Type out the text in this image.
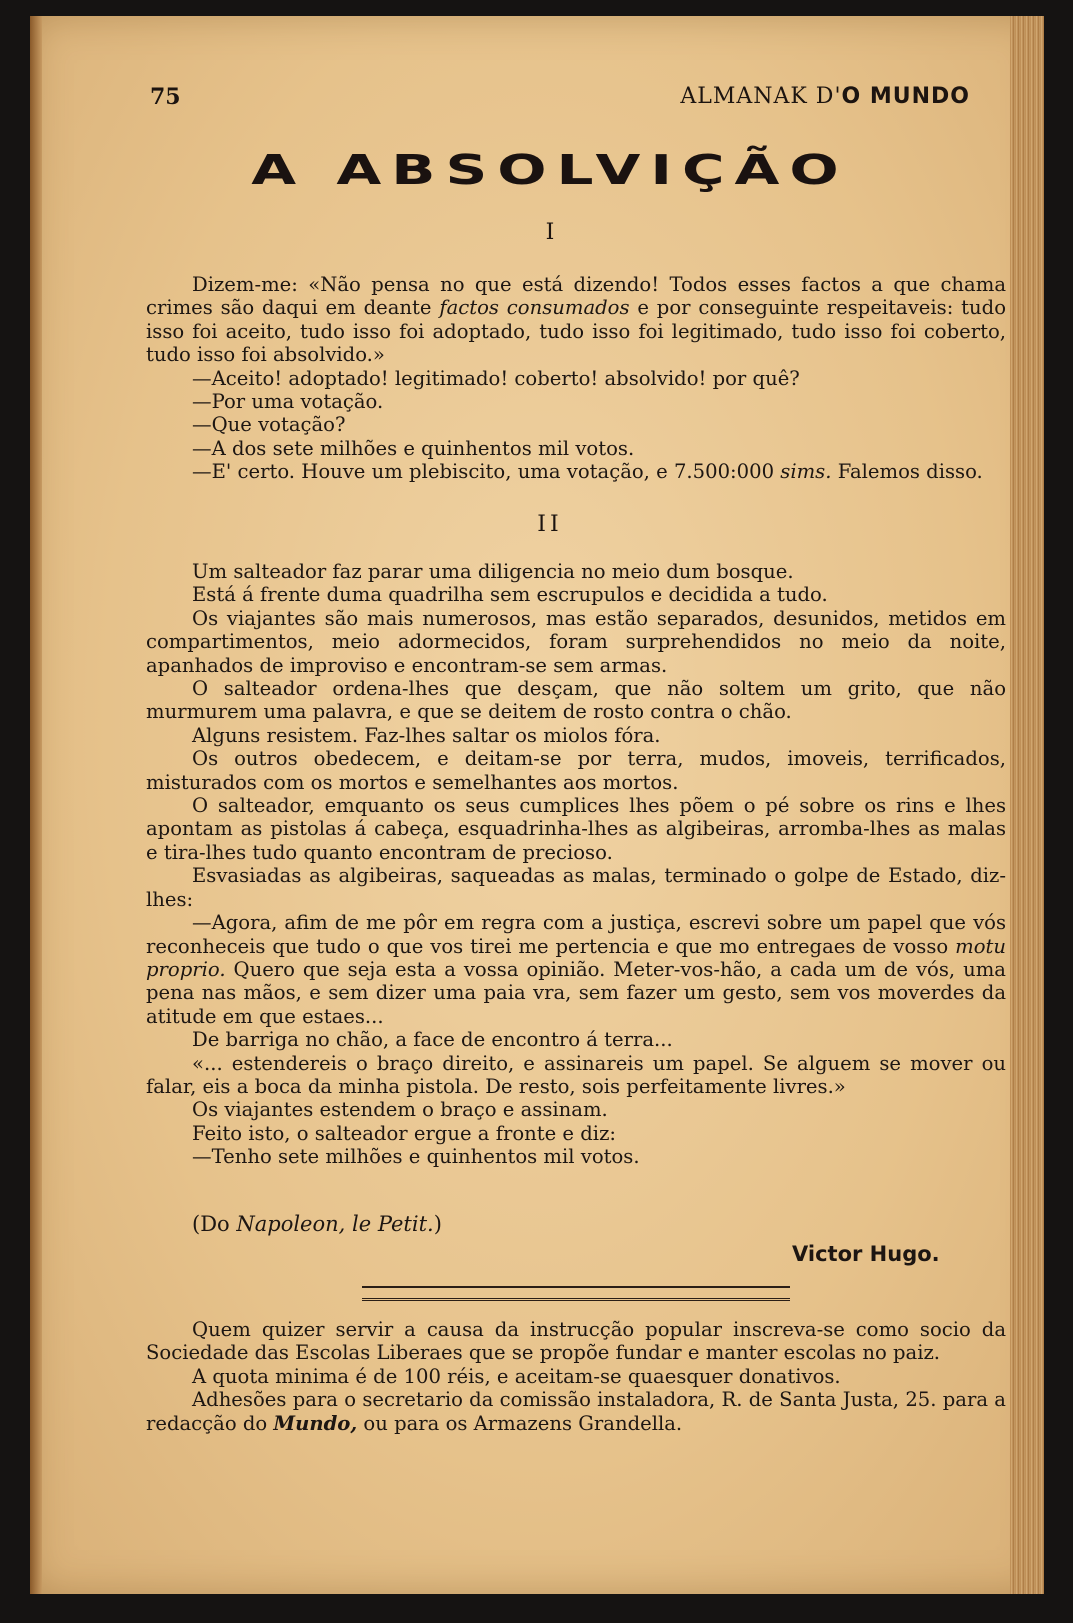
75	ALMANAK D'O MUNDO
A ABSOLVIÇÃO
I

Dizem-me: «Não pensa no que está dizendo! Todos esses factos a que chama crimes são daqui em deante factos consumados e por conseguinte respeitaveis: tudo isso foi aceito, tudo isso foi adoptado, tudo isso foi legitimado, tudo isso foi coberto, tudo isso foi absolvido.»

—Aceito! adoptado! legitimado! coberto! absolvido! por quê?

—Por uma votação.

—Que votação?

—A dos sete milhões e quinhentos mil votos.

—E' certo. Houve um plebiscito, uma votação, e 7.500:000 sims. Falemos disso.

II

Um salteador faz parar uma diligencia no meio dum bosque.

Está á frente duma quadrilha sem escrupulos e decidida a tudo.

Os viajantes são mais numerosos, mas estão separados, desunidos, metidos em compartimentos, meio adormecidos, foram surprehendidos no meio da noite, apanhados de improviso e encontram-se sem armas.

O salteador ordena-lhes que desçam, que não soltem um grito, que não murmurem uma palavra, e que se deitem de rosto contra o chão.

Alguns resistem. Faz-lhes saltar os miolos fóra.

Os outros obedecem, e deitam-se por terra, mudos, imoveis, terrificados, misturados com os mortos e semelhantes aos mortos.

O salteador, emquanto os seus cumplices lhes põem o pé sobre os rins e lhes apontam as pistolas á cabeça, esquadrinha-lhes as algibeiras, arromba-lhes as malas e tira-lhes tudo quanto encontram de precioso.

Esvasiadas as algibeiras, saqueadas as malas, terminado o golpe de Estado, diz-lhes:

—Agora, afim de me pôr em regra com a justiça, escrevi sobre um papel que vós reconheceis que tudo o que vos tirei me pertencia e que mo entregaes de vosso motu proprio. Quero que seja esta a vossa opinião. Meter-vos-hão, a cada um de vós, uma pena nas mãos, e sem dizer uma paia vra, sem fazer um gesto, sem vos moverdes da atitude em que estaes...

De barriga no chão, a face de encontro á terra...

«... estendereis o braço direito, e assinareis um papel. Se alguem se mover ou falar, eis a boca da minha pistola. De resto, sois perfeitamente livres.»

Os viajantes estendem o braço e assinam.

Feito isto, o salteador ergue a fronte e diz:

—Tenho sete milhões e quinhentos mil votos.

(Do Napoleon, le Petit.)
Victor Hugo.

Quem quizer servir a causa da instrucção popular inscreva-se como socio da Sociedade das Escolas Liberaes que se propõe fundar e manter escolas no paiz.

A quota minima é de 100 réis, e aceitam-se quaesquer donativos.

Adhesões para o secretario da comissão instaladora, R. de Santa Justa, 25. para a redacção do Mundo, ou para os Armazens Grandella.
